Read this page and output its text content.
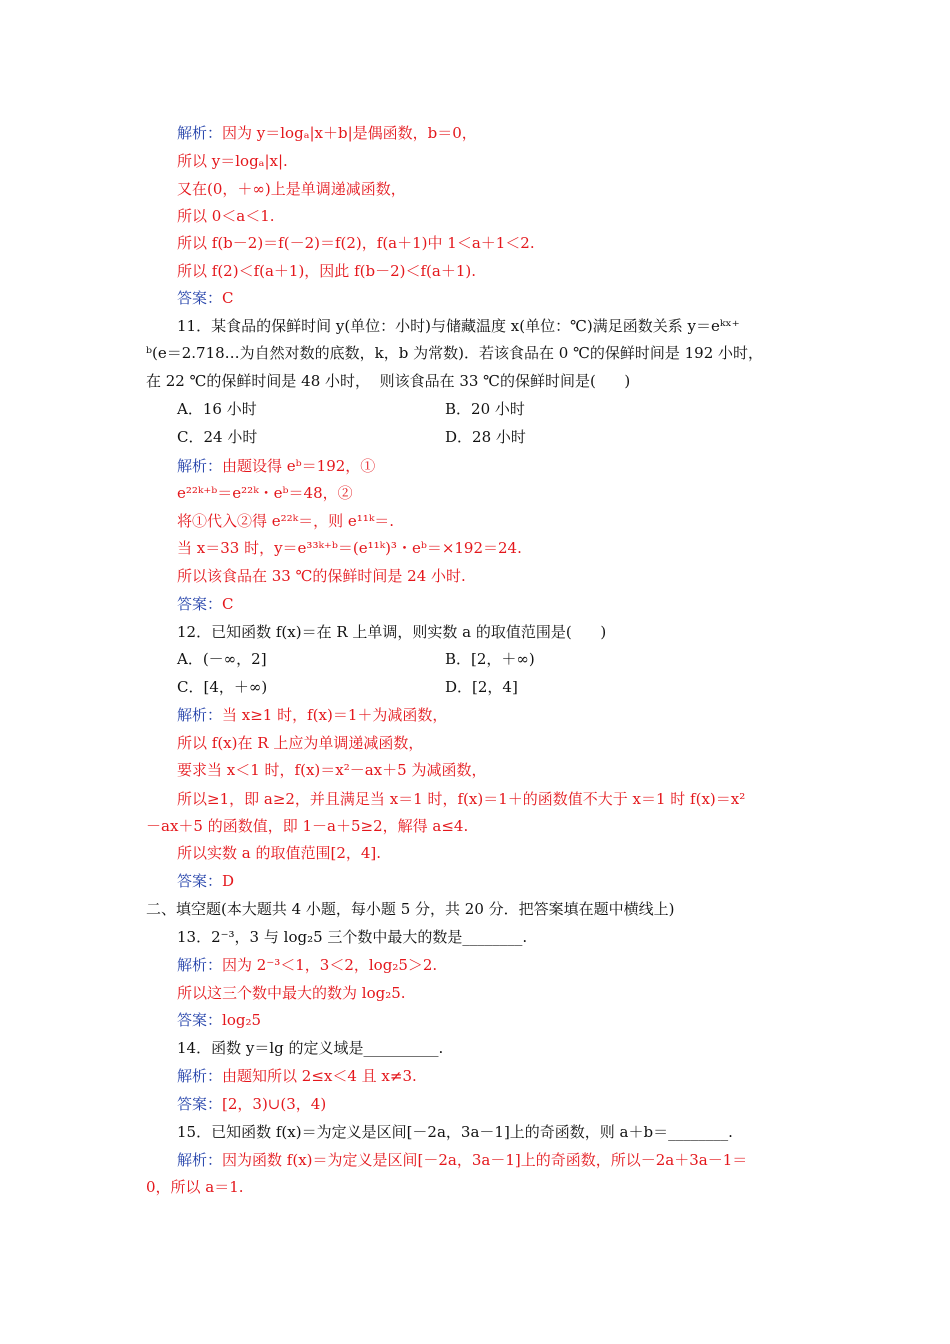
解析：因为 y＝logₐ|x＋b|是偶函数，b＝0，
所以 y＝logₐ|x|.
又在(0，＋∞)上是单调递减函数，
所以 0＜a＜1.
所以 f(b－2)＝f(－2)＝f(2)，f(a＋1)中 1＜a＋1＜2.
所以 f(2)＜f(a＋1)，因此 f(b－2)＜f(a＋1).
答案：C
11．某食品的保鲜时间 y(单位：小时)与储藏温度 x(单位：℃)满足函数关系 y＝eᵏˣ⁺
ᵇ(e＝2.718…为自然对数的底数，k，b 为常数)．若该食品在 0 ℃的保鲜时间是 192 小时，
在 22 ℃的保鲜时间是 48 小时，  则该食品在 33 ℃的保鲜时间是(      )
A．16 小时	B．20 小时
C．24 小时	D．28 小时
解析：由题设得 eᵇ＝192，①
e²²ᵏ⁺ᵇ＝e²²ᵏ・eᵇ＝48，②
将①代入②得 e²²ᵏ＝，则 e¹¹ᵏ＝.
当 x＝33 时，y＝e³³ᵏ⁺ᵇ＝(e¹¹ᵏ)³・eᵇ＝×192＝24.
所以该食品在 33 ℃的保鲜时间是 24 小时.
答案：C
12．已知函数 f(x)＝在 R 上单调，则实数 a 的取值范围是(      )
A．(－∞，2]	B．[2，＋∞)
C．[4，＋∞)	D．[2，4]
解析：当 x≥1 时，f(x)＝1＋为减函数，
所以 f(x)在 R 上应为单调递减函数，
要求当 x＜1 时，f(x)＝x²－ax＋5 为减函数，
所以≥1，即 a≥2，并且满足当 x＝1 时，f(x)＝1＋的函数值不大于 x＝1 时 f(x)＝x²
－ax＋5 的函数值，即 1－a＋5≥2，解得 a≤4.
所以实数 a 的取值范围[2，4].
答案：D
二、填空题(本大题共 4 小题，每小题 5 分，共 20 分．把答案填在题中横线上)
13．2⁻³，3 与 log₂5 三个数中最大的数是________.
解析：因为 2⁻³＜1，3＜2，log₂5＞2.
所以这三个数中最大的数为 log₂5.
答案：log₂5
14．函数 y＝lg 的定义域是__________.
解析：由题知所以 2≤x＜4 且 x≠3.
答案：[2，3)∪(3，4)
15．已知函数 f(x)＝为定义是区间[－2a，3a－1]上的奇函数，则 a＋b＝________.
解析：因为函数 f(x)＝为定义是区间[－2a，3a－1]上的奇函数，所以－2a＋3a－1＝
0，所以 a＝1.
